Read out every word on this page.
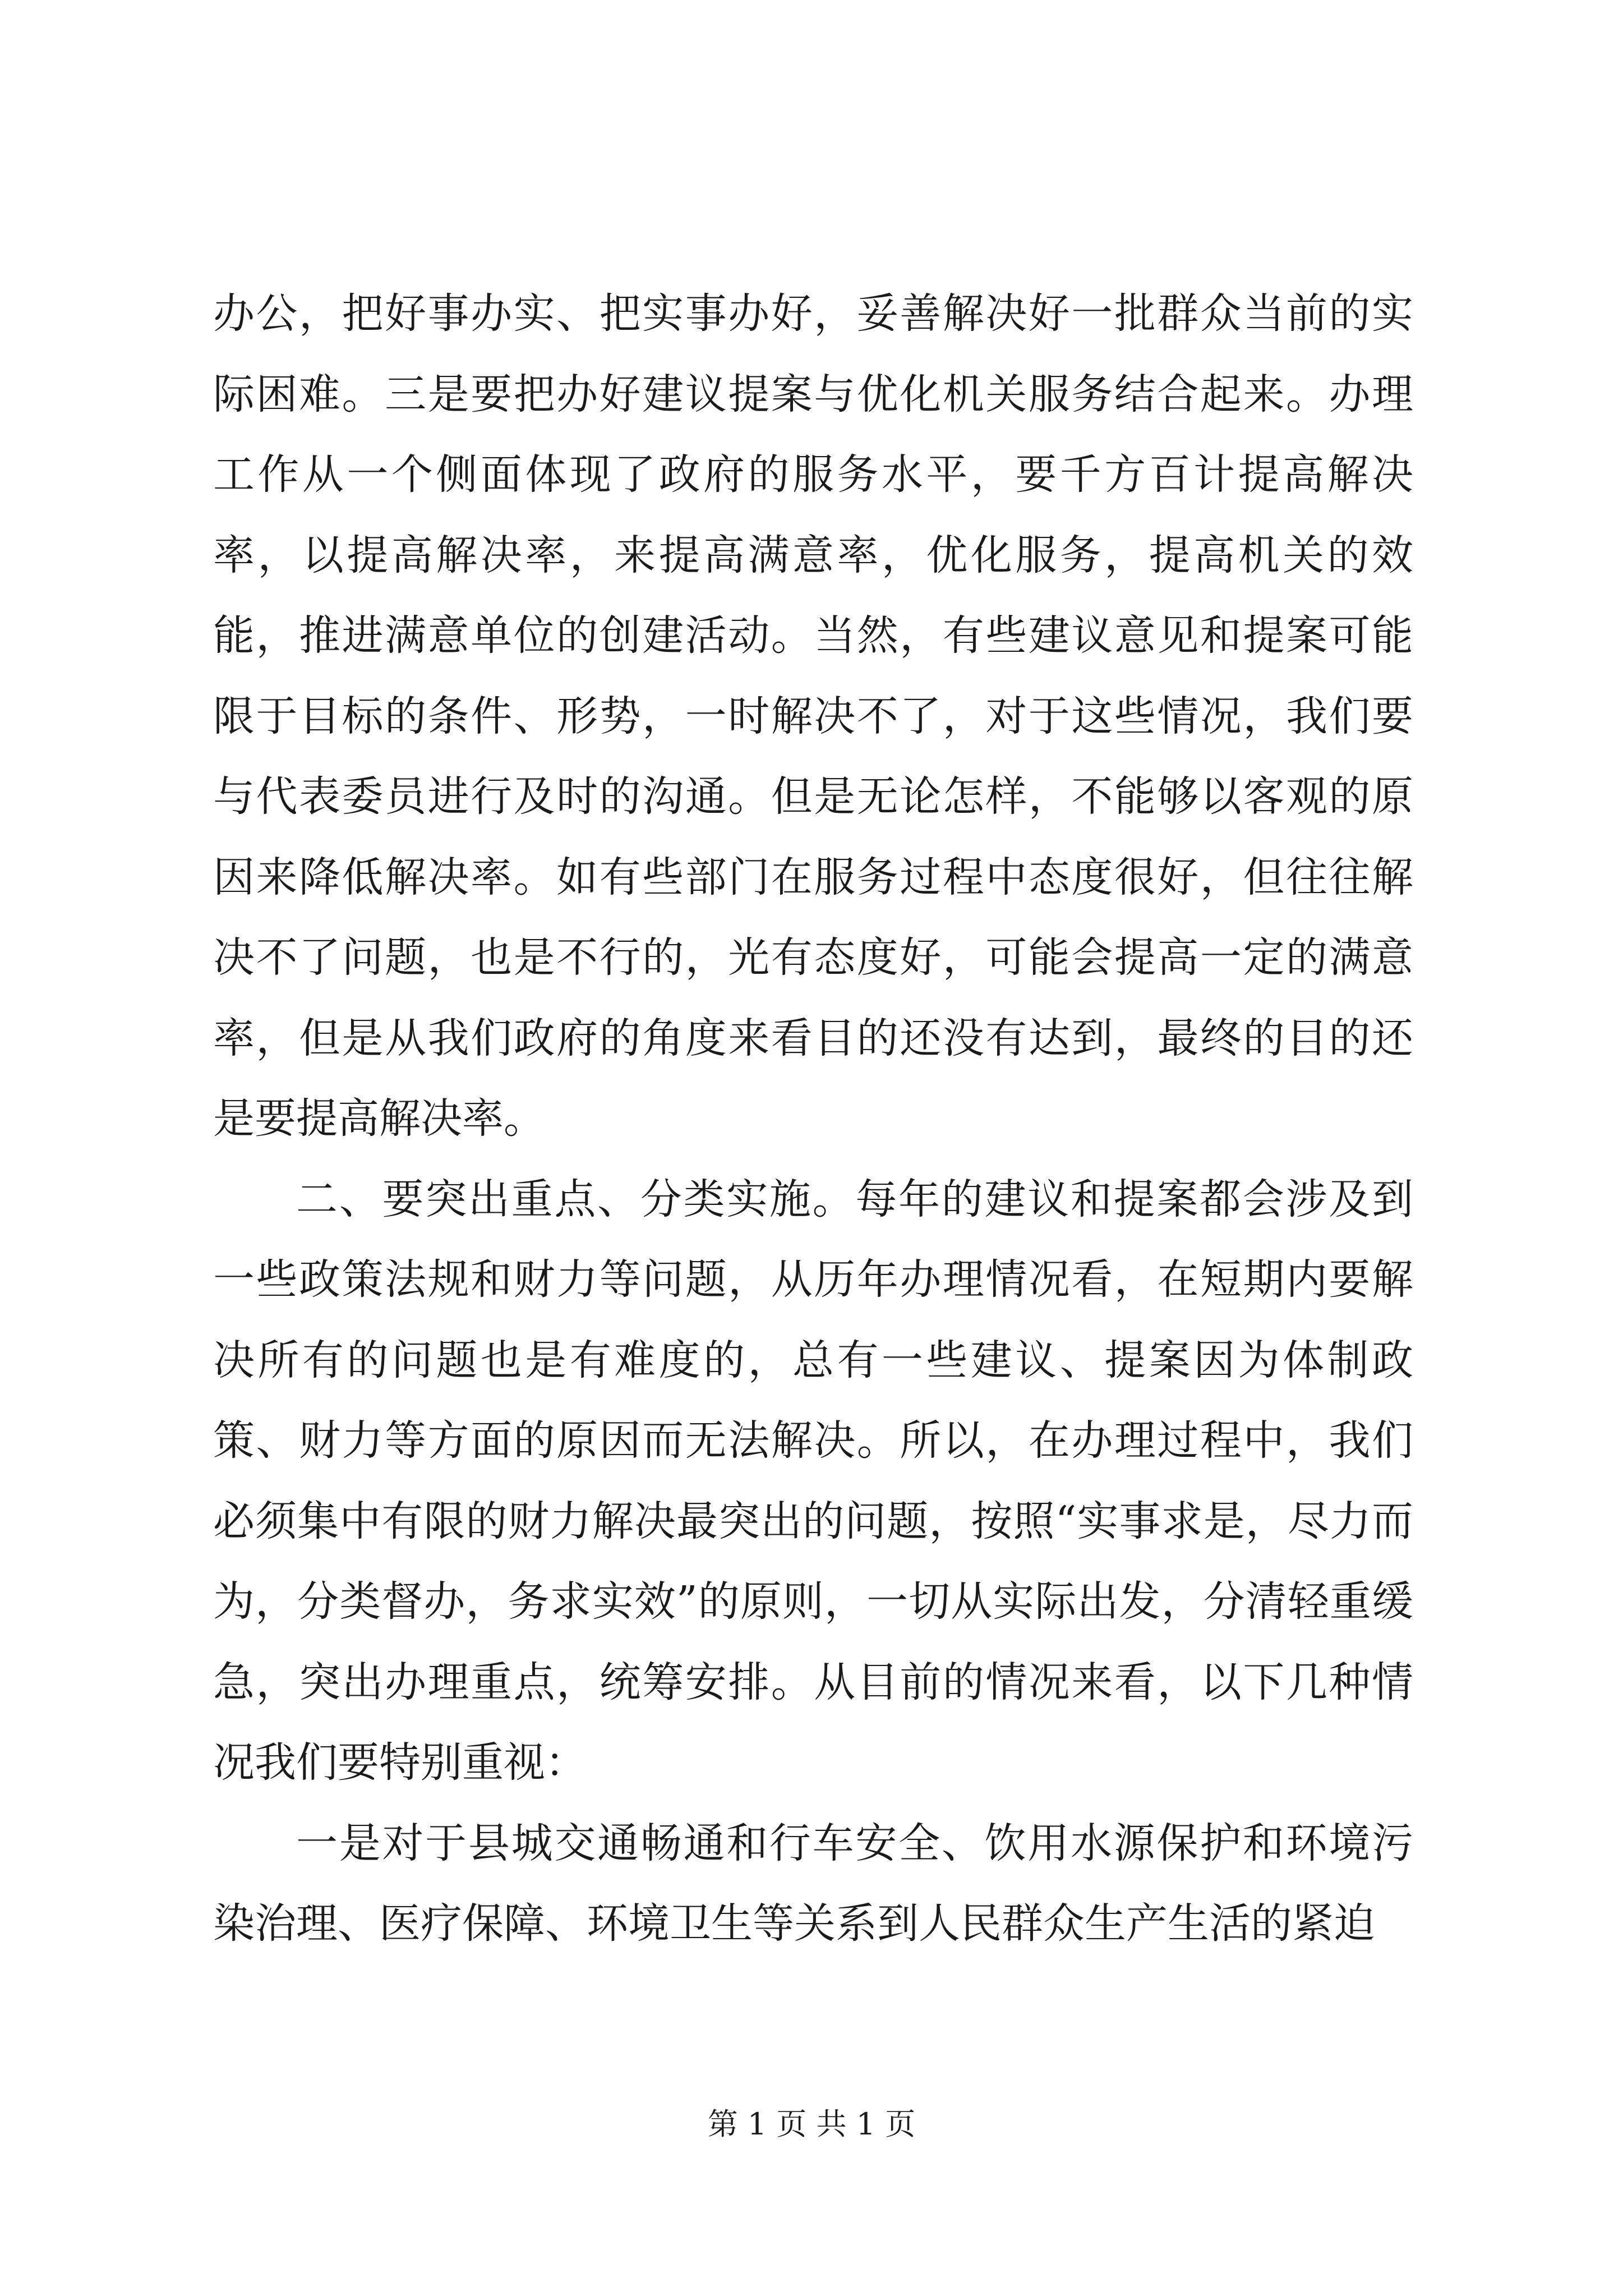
办公，把好事办实、把实事办好，妥善解决好一批群众当前的实际困难。三是要把办好建议提案与优化机关服务结合起来。办理工作从一个侧面体现了政府的服务水平，要千方百计提高解决率，以提高解决率，来提高满意率，优化服务，提高机关的效能，推进满意单位的创建活动。当然，有些建议意见和提案可能限于目标的条件、形势，一时解决不了，对于这些情况，我们要与代表委员进行及时的沟通。但是无论怎样，不能够以客观的原因来降低解决率。如有些部门在服务过程中态度很好，但往往解决不了问题，也是不行的，光有态度好，可能会提高一定的满意率，但是从我们政府的角度来看目的还没有达到，最终的目的还是要提高解决率。

二、要突出重点、分类实施。每年的建议和提案都会涉及到一些政策法规和财力等问题，从历年办理情况看，在短期内要解决所有的问题也是有难度的，总有一些建议、提案因为体制政策、财力等方面的原因而无法解决。所以，在办理过程中，我们必须集中有限的财力解决最突出的问题，按照“实事求是，尽力而为，分类督办，务求实效”的原则，一切从实际出发，分清轻重缓急，突出办理重点，统筹安排。从目前的情况来看，以下几种情况我们要特别重视：

一是对于县城交通畅通和行车安全、饮用水源保护和环境污染治理、医疗保障、环境卫生等关系到人民群众生产生活的紧迫

第 1 页 共 1 页
